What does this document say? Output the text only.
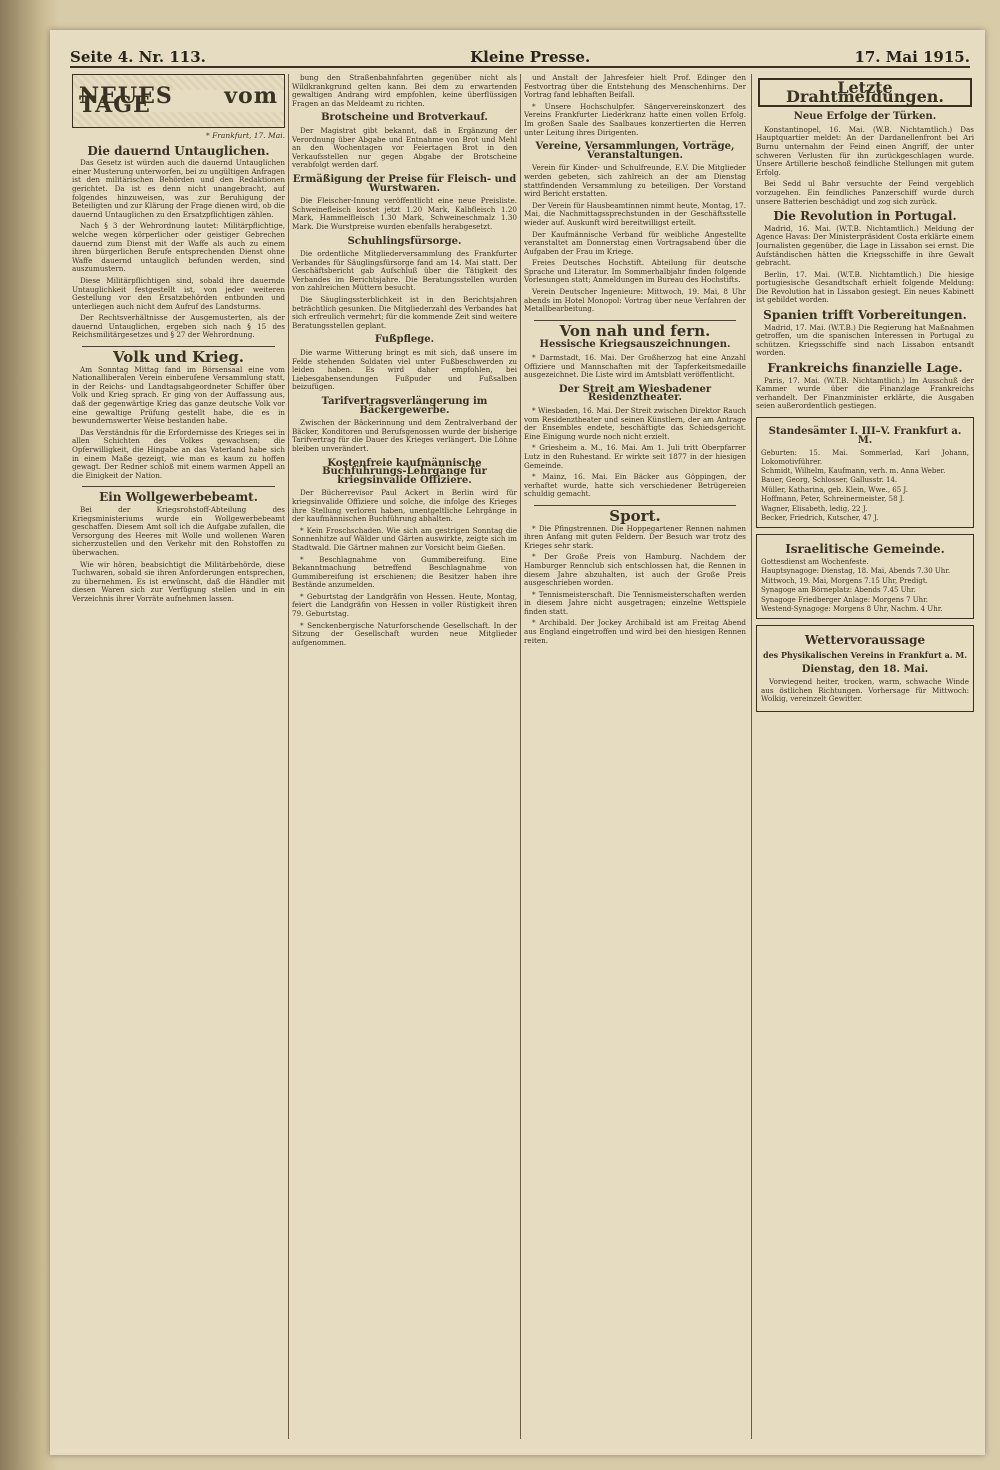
Seite 4. Nr. 113.	Kleine Presse.	17. Mai 1915.
NEUES vom TAGE
* Frankfurt, 17. Mai.
Die dauernd Untauglichen.

Das Gesetz ist würden auch die dauernd Untauglichen einer Musterung unterworfen, bei zu ungültigen Anfragen ist den militärischen Behörden und den Redaktionen gerichtet. Da ist es denn nicht unangebracht, auf folgendes hinzuweisen, was zur Beruhigung der Beteiligten und zur Klärung der Frage dienen wird, ob die dauernd Untauglichen zu den Ersatzpflichtigen zählen.

Nach § 3 der Wehrordnung lautet: Militärpflichtige, welche wegen körperlicher oder geistiger Gebrechen dauernd zum Dienst mit der Waffe als auch zu einem ihren bürgerlichen Berufe entsprechenden Dienst ohne Waffe dauernd untauglich befunden werden, sind auszumustern.

Diese Militärpflichtigen sind, sobald ihre dauernde Untauglichkeit festgestellt ist, von jeder weiteren Gestellung vor den Ersatzbehörden entbunden und unterliegen auch nicht dem Aufruf des Landsturms.

Der Rechtsverhältnisse der Ausgemusterten, als der dauernd Untauglichen, ergeben sich nach § 15 des Reichsmilitärgesetzes und § 27 der Wehrordnung.

Volk und Krieg.

Am Sonntag Mittag fand im Börsensaal eine vom Nationalliberalen Verein einberufene Versammlung statt, in der Reichs- und Landtagsabgeordneter Schiffer über Volk und Krieg sprach. Er ging von der Auffassung aus, daß der gegenwärtige Krieg das ganze deutsche Volk vor eine gewaltige Prüfung gestellt habe, die es in bewundernswerter Weise bestanden habe.

Das Verständnis für die Erfordernisse des Krieges sei in allen Schichten des Volkes gewachsen; die Opferwilligkeit, die Hingabe an das Vaterland habe sich in einem Maße gezeigt, wie man es kaum zu hoffen gewagt. Der Redner schloß mit einem warmen Appell an die Einigkeit der Nation.

Ein Wollgewerbebeamt.

Bei der Kriegsrohstoff-Abteilung des Kriegsministeriums wurde ein Wollgewerbebeamt geschaffen. Diesem Amt soll ich die Aufgabe zufallen, die Versorgung des Heeres mit Wolle und wollenen Waren sicherzustellen und den Verkehr mit den Rohstoffen zu überwachen.

Wie wir hören, beabsichtigt die Militärbehörde, diese Tuchwaren, sobald sie ihren Anforderungen entsprechen, zu übernehmen. Es ist erwünscht, daß die Händler mit diesen Waren sich zur Verfügung stellen und in ein Verzeichnis ihrer Vorräte aufnehmen lassen.

bung den Straßenbahnfahrten gegenüber nicht als Wildkrankgrund gelten kann. Bei dem zu erwartenden gewaltigen Andrang wird empfohlen, keine überflüssigen Fragen an das Meldeamt zu richten.

Brotscheine und Brotverkauf.

Der Magistrat gibt bekannt, daß in Ergänzung der Verordnung über Abgabe und Entnahme von Brot und Mehl an den Wochentagen vor Feiertagen Brot in den Verkaufsstellen nur gegen Abgabe der Brotscheine verabfolgt werden darf.

Ermäßigung der Preise für Fleisch- und Wurstwaren.

Die Fleischer-Innung veröffentlicht eine neue Preisliste. Schweinefleisch kostet jetzt 1.20 Mark, Kalbfleisch 1.20 Mark, Hammelfleisch 1.30 Mark, Schweineschmalz 1.30 Mark. Die Wurstpreise wurden ebenfalls herabgesetzt.

Schuhlingsfürsorge.

Die ordentliche Mitgliederversammlung des Frankfurter Verbandes für Säuglingsfürsorge fand am 14. Mai statt. Der Geschäftsbericht gab Aufschluß über die Tätigkeit des Verbandes im Berichtsjahre. Die Beratungsstellen wurden von zahlreichen Müttern besucht.

Die Säuglingssterblichkeit ist in den Berichtsjahren beträchtlich gesunken. Die Mitgliederzahl des Verbandes hat sich erfreulich vermehrt; für die kommende Zeit sind weitere Beratungsstellen geplant.

Fußpflege.

Die warme Witterung bringt es mit sich, daß unsere im Felde stehenden Soldaten viel unter Fußbeschwerden zu leiden haben. Es wird daher empfohlen, bei Liebesgabensendungen Fußpuder und Fußsalben beizufügen.

Tarifvertragsverlängerung im Bäckergewerbe.

Zwischen der Bäckerinnung und dem Zentralverband der Bäcker, Konditoren und Berufsgenossen wurde der bisherige Tarifvertrag für die Dauer des Krieges verlängert. Die Löhne bleiben unverändert.

Kostenfreie kaufmännische Buchführungs-Lehrgänge für kriegsinvalide Offiziere.

Der Bücherrevisor Paul Ackert in Berlin wird für kriegsinvalide Offiziere und solche, die infolge des Krieges ihre Stellung verloren haben, unentgeltliche Lehrgänge in der kaufmännischen Buchführung abhalten.

* Kein Froschschaden. Wie sich am gestrigen Sonntag die Sonnenhitze auf Wälder und Gärten auswirkte, zeigte sich im Stadtwald. Die Gärtner mahnen zur Vorsicht beim Gießen.

* Beschlagnahme von Gummibereifung. Eine Bekanntmachung betreffend Beschlagnahme von Gummibereifung ist erschienen; die Besitzer haben ihre Bestände anzumelden.

* Geburtstag der Landgräfin von Hessen. Heute, Montag, feiert die Landgräfin von Hessen in voller Rüstigkeit ihren 79. Geburtstag.

* Senckenbergische Naturforschende Gesellschaft. In der Sitzung der Gesellschaft wurden neue Mitglieder aufgenommen.

und Anstalt der Jahresfeier hielt Prof. Edinger den Festvortrag über die Entstehung des Menschenhirns. Der Vortrag fand lebhaften Beifall.

* Unsere Hochschulpfer. Sängervereinskonzert des Vereins Frankfurter Liederkranz hatte einen vollen Erfolg. Im großen Saale des Saalbaues konzertierten die Herren unter Leitung ihres Dirigenten.

Vereine, Versammlungen, Vorträge, Veranstaltungen.

Verein für Kinder- und Schulfreunde, E.V. Die Mitglieder werden gebeten, sich zahlreich an der am Dienstag stattfindenden Versammlung zu beteiligen. Der Vorstand wird Bericht erstatten.

Der Verein für Hausbeamtinnen nimmt heute, Montag, 17. Mai, die Nachmittagssprechstunden in der Geschäftsstelle wieder auf. Auskunft wird bereitwilligst erteilt.

Der Kaufmännische Verband für weibliche Angestellte veranstaltet am Donnerstag einen Vortragsabend über die Aufgaben der Frau im Kriege.

Freies Deutsches Hochstift. Abteilung für deutsche Sprache und Literatur. Im Sommerhalbjahr finden folgende Vorlesungen statt; Anmeldungen im Bureau des Hochstifts.

Verein Deutscher Ingenieure: Mittwoch, 19. Mai, 8 Uhr abends im Hotel Monopol: Vortrag über neue Verfahren der Metallbearbeitung.

Von nah und fern.
Hessische Kriegsauszeichnungen.

* Darmstadt, 16. Mai. Der Großherzog hat eine Anzahl Offiziere und Mannschaften mit der Tapferkeitsmedaille ausgezeichnet. Die Liste wird im Amtsblatt veröffentlicht.

Der Streit am Wiesbadener Residenztheater.

* Wiesbaden, 16. Mai. Der Streit zwischen Direktor Rauch vom Residenztheater und seinen Künstlern, der am Antrage der Ensembles endete, beschäftigte das Schiedsgericht. Eine Einigung wurde noch nicht erzielt.

* Griesheim a. M., 16. Mai. Am 1. Juli tritt Oberpfarrer Lutz in den Ruhestand. Er wirkte seit 1877 in der hiesigen Gemeinde.

* Mainz, 16. Mai. Ein Bäcker aus Göppingen, der verhaftet wurde, hatte sich verschiedener Betrügereien schuldig gemacht.

Sport.

* Die Pfingstrennen. Die Hoppegartener Rennen nahmen ihren Anfang mit guten Feldern. Der Besuch war trotz des Krieges sehr stark.

* Der Große Preis von Hamburg. Nachdem der Hamburger Rennclub sich entschlossen hat, die Rennen in diesem Jahre abzuhalten, ist auch der Große Preis ausgeschrieben worden.

* Tennismeisterschaft. Die Tennismeisterschaften werden in diesem Jahre nicht ausgetragen; einzelne Wettspiele finden statt.

* Archibald. Der Jockey Archibald ist am Freitag Abend aus England eingetroffen und wird bei den hiesigen Rennen reiten.

Letzte Drahtmeldungen.
Neue Erfolge der Türken.

Konstantinopel, 16. Mai. (W.B. Nichtamtlich.) Das Hauptquartier meldet: An der Dardanellenfront bei Ari Burnu unternahm der Feind einen Angriff, der unter schweren Verlusten für ihn zurückgeschlagen wurde. Unsere Artillerie beschoß feindliche Stellungen mit gutem Erfolg.

Bei Sedd ul Bahr versuchte der Feind vergeblich vorzugehen. Ein feindliches Panzerschiff wurde durch unsere Batterien beschädigt und zog sich zurück.

Die Revolution in Portugal.

Madrid, 16. Mai. (W.T.B. Nichtamtlich.) Meldung der Agence Havas: Der Ministerpräsident Costa erklärte einem Journalisten gegenüber, die Lage in Lissabon sei ernst. Die Aufständischen hätten die Kriegsschiffe in ihre Gewalt gebracht.

Berlin, 17. Mai. (W.T.B. Nichtamtlich.) Die hiesige portugiesische Gesandtschaft erhielt folgende Meldung: Die Revolution hat in Lissabon gesiegt. Ein neues Kabinett ist gebildet worden.

Spanien trifft Vorbereitungen.

Madrid, 17. Mai. (W.T.B.) Die Regierung hat Maßnahmen getroffen, um die spanischen Interessen in Portugal zu schützen. Kriegsschiffe sind nach Lissabon entsandt worden.

Frankreichs finanzielle Lage.

Paris, 17. Mai. (W.T.B. Nichtamtlich.) Im Ausschuß der Kammer wurde über die Finanzlage Frankreichs verhandelt. Der Finanzminister erklärte, die Ausgaben seien außerordentlich gestiegen.

Standesämter I. III–V. Frankfurt a. M.
Geburten: 15. Mai. Sommerlad, Karl Johann, Lokomotivführer.
Schmidt, Wilhelm, Kaufmann, verh. m. Anna Weber.
Bauer, Georg, Schlosser, Gallusstr. 14.
Müller, Katharina, geb. Klein, Wwe., 65 J.
Hoffmann, Peter, Schreinermeister, 58 J.
Wagner, Elisabeth, ledig, 22 J.
Becker, Friedrich, Kutscher, 47 J.
Israelitische Gemeinde.
Gottesdienst am Wochenfeste.
Hauptsynagoge: Dienstag, 18. Mai, Abends 7.30 Uhr.
Mittwoch, 19. Mai, Morgens 7.15 Uhr, Predigt.
Synagoge am Börneplatz: Abends 7.45 Uhr.
Synagoge Friedberger Anlage: Morgens 7 Uhr.
Westend-Synagoge: Morgens 8 Uhr, Nachm. 4 Uhr.
Wettervoraussage
des Physikalischen Vereins in Frankfurt a. M.
Dienstag, den 18. Mai.

Vorwiegend heiter, trocken, warm, schwache Winde aus östlichen Richtungen. Vorhersage für Mittwoch: Wolkig, vereinzelt Gewitter.
